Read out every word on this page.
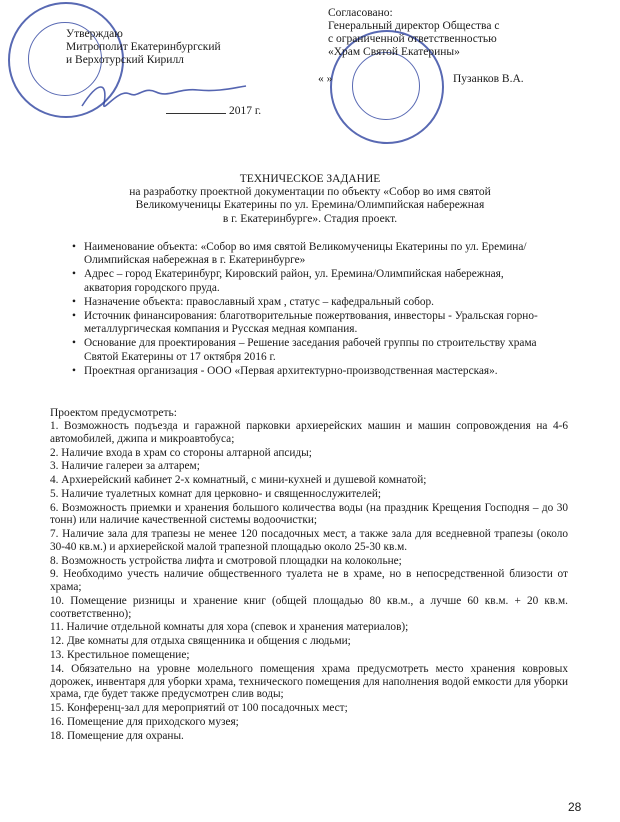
Утверждаю
Митрополит Екатеринбургский
и Верхотурский Кирилл
2017 г.
Согласовано:
Генеральный директор Общества с
с ограниченной ответственностью
«Храм Святой Екатерины»
« »	Пузанков В.А.
ТЕХНИЧЕСКОЕ ЗАДАНИЕ
на разработку проектной документации по объекту «Собор во имя святой
Великомученицы Екатерины по ул. Еремина/Олимпийская набережная
в г. Екатеринбурге». Стадия проект.
• Наименование объекта: «Собор во имя святой Великомученицы Екатерины по ул. Еремина/Олимпийская набережная в г. Екатеринбурге»
• Адрес – город Екатеринбург, Кировский район, ул. Еремина/Олимпийская набережная, акватория городского пруда.
• Назначение объекта: православный храм , статус – кафедральный собор.
• Источник финансирования: благотворительные пожертвования, инвесторы - Уральская горно-металлургическая компания и Русская медная компания.
• Основание для проектирования – Решение заседания рабочей группы по строительству храма Святой Екатерины от 17 октября 2016 г.
• Проектная организация - ООО «Первая архитектурно-производственная мастерская».
Проектом предусмотреть:
1. Возможность подъезда и гаражной парковки архиерейских машин и машин сопровождения на 4-6 автомобилей, джипа и микроавтобуса;
2. Наличие входа в храм со стороны алтарной апсиды;
3. Наличие галереи за алтарем;
4. Архиерейский кабинет 2-х комнатный, с мини-кухней и душевой комнатой;
5. Наличие туалетных комнат для церковно- и священнослужителей;
6. Возможность приемки и хранения большого количества воды (на праздник Крещения Господня – до 30 тонн) или наличие качественной системы водоочистки;
7. Наличие зала для трапезы не менее 120 посадочных мест, а также зала для вседневной трапезы (около 30-40 кв.м.) и архиерейской малой трапезной площадью около 25-30 кв.м.
8. Возможность устройства лифта и смотровой площадки на колокольне;
9. Необходимо учесть наличие общественного туалета не в храме, но в непосредственной близости от храма;
10. Помещение ризницы и хранение книг (общей площадью 80 кв.м., а лучше 60 кв.м. + 20 кв.м. соответственно);
11. Наличие отдельной комнаты для хора (спевок и хранения материалов);
12. Две комнаты для отдыха священника и общения с людьми;
13. Крестильное помещение;
14. Обязательно на уровне молельного помещения храма предусмотреть место хранения ковровых дорожек, инвентаря для уборки храма, технического помещения для наполнения водой емкости для уборки храма, где будет также предусмотрен слив воды;
15. Конференц-зал для мероприятий от 100 посадочных мест;
16. Помещение для приходского музея;
18. Помещение для охраны.
28
